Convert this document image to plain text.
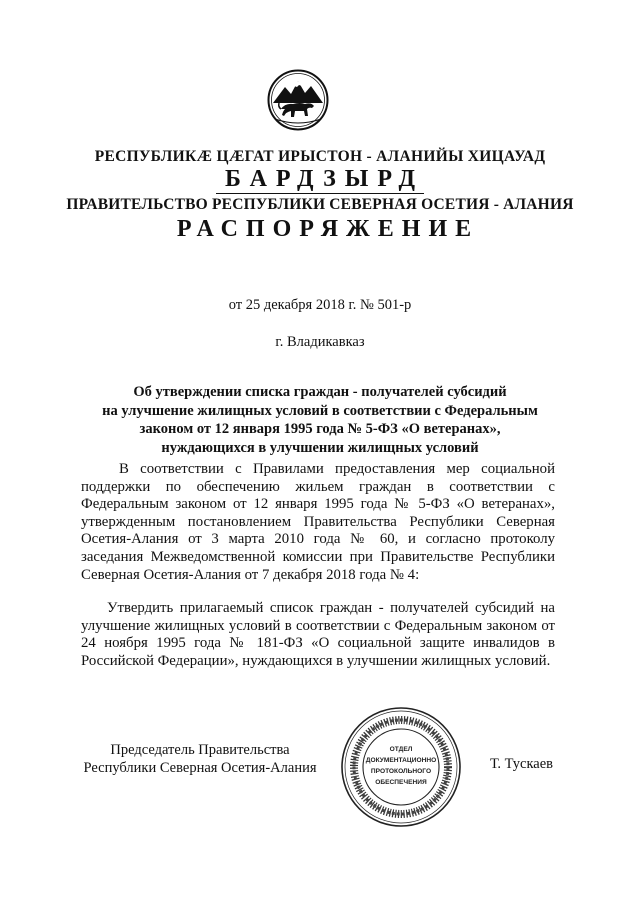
РЕСПУБЛИКÆ ЦÆГАТ ИРЫСТОН - АЛАНИЙЫ ХИЦАУАД
БАРДЗЫРД
ПРАВИТЕЛЬСТВО РЕСПУБЛИКИ СЕВЕРНАЯ ОСЕТИЯ - АЛАНИЯ
РАСПОРЯЖЕНИЕ
от 25 декабря 2018 г. № 501-р
г. Владикавказ
Об утверждении списка граждан - получателей субсидий
на улучшение жилищных условий в соответствии с Федеральным
законом от 12 января 1995 года № 5-ФЗ «О ветеранах»,
нуждающихся в улучшении жилищных условий
В соответствии с Правилами предоставления мер социальной поддержки по обеспечению жильем граждан в соответствии с Федеральным законом от 12 января 1995 года № 5-ФЗ «О ветеранах», утвержденным постановлением Правительства Республики Северная Осетия-Алания от 3 марта 2010 года № 60, и согласно протоколу заседания Межведомственной комиссии при Правительстве Республики Северная Осетия-Алания от 7 декабря 2018 года № 4:
Утвердить прилагаемый список граждан - получателей субсидий на улучшение жилищных условий в соответствии с Федеральным законом от 24 ноября 1995 года № 181-ФЗ «О социальной защите инвалидов в Российской Федерации», нуждающихся в улучшении жилищных условий.
Председатель Правительства
Республики Северная Осетия-Алания
ОТДЕЛ
ДОКУМЕНТАЦИОННО
ПРОТОКОЛЬНОГО
ОБЕСПЕЧЕНИЯ
Т. Тускаев
